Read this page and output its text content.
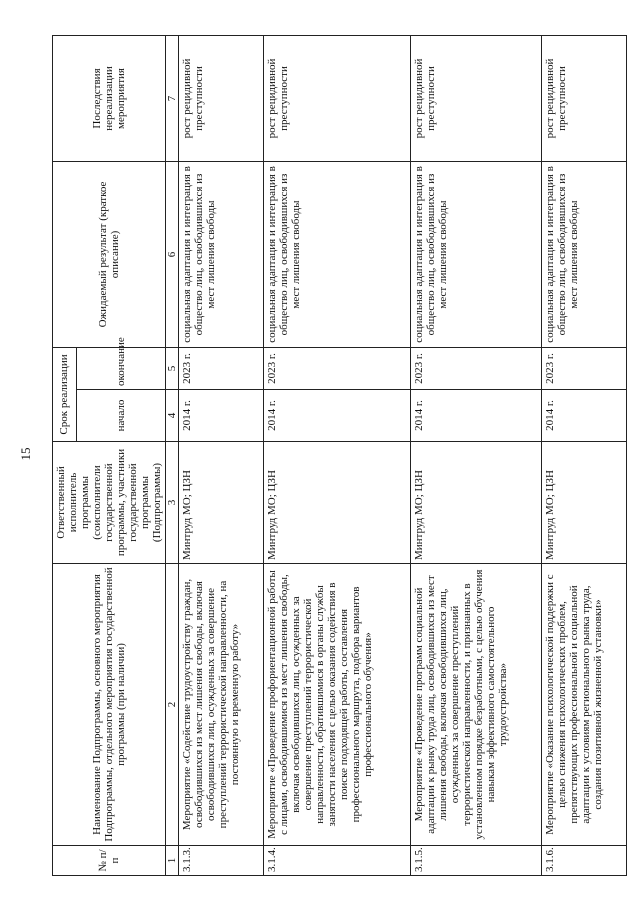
15
№ п/п	Наименование Подпрограммы, основного мероприятия Подпрограммы, отдельного мероприятия государственной программы (при наличии)	Ответственный исполнитель программы (соисполнители государственной программы, участники государственной программы (Подпрограммы)	Срок реализации		Ожидаемый результат (краткое описание)	Последствия нереализации мероприятия
			начало	окончание		
1	2	3	4	5	6	7
3.1.3.	Мероприятие «Содействие трудоустройству граждан, освободившихся из мест лишения свободы, включая освободившихся лиц, осужденных за совершение преступлений террористической направленности, на постоянную и временную работу»	Минтруд МО; ЦЗН	2014 г.	2023 г.	социальная адаптация и интеграция в общество лиц, освободившихся из мест лишения свободы	рост рецидивной преступности
3.1.4.	Мероприятие «Проведение профориентационной работы с лицами, освободившимися из мест лишения свободы, включая освободившихся лиц, осужденных за совершение преступлений террористической направленности, обратившимися в органы службы занятости населения с целью оказания содействия в поиске подходящей работы, составления профессионального маршрута, подбора вариантов профессионального обучения»	Минтруд МО; ЦЗН	2014 г.	2023 г.	социальная адаптация и интеграция в общество лиц, освободившихся из мест лишения свободы	рост рецидивной преступности
3.1.5.	Мероприятие «Проведение программ социальной адаптации к рынку труда лиц, освободившихся из мест лишения свободы, включая освободившихся лиц, осужденных за совершение преступлений террористической направленности, и признанных в установленном порядке безработными, с целью обучения навыкам эффективного самостоятельного трудоустройства»	Минтруд МО; ЦЗН	2014 г.	2023 г.	социальная адаптация и интеграция в общество лиц, освободившихся из мест лишения свободы	рост рецидивной преступности
3.1.6.	Мероприятие «Оказание психологической поддержки с целью снижения психологических проблем, препятствующих профессиональной и социальной адаптации к условиям регионального рынка труда, создания позитивной жизненной установки»	Минтруд МО; ЦЗН	2014 г.	2023 г.	социальная адаптация и интеграция в общество лиц, освободившихся из мест лишения свободы	рост рецидивной преступности
